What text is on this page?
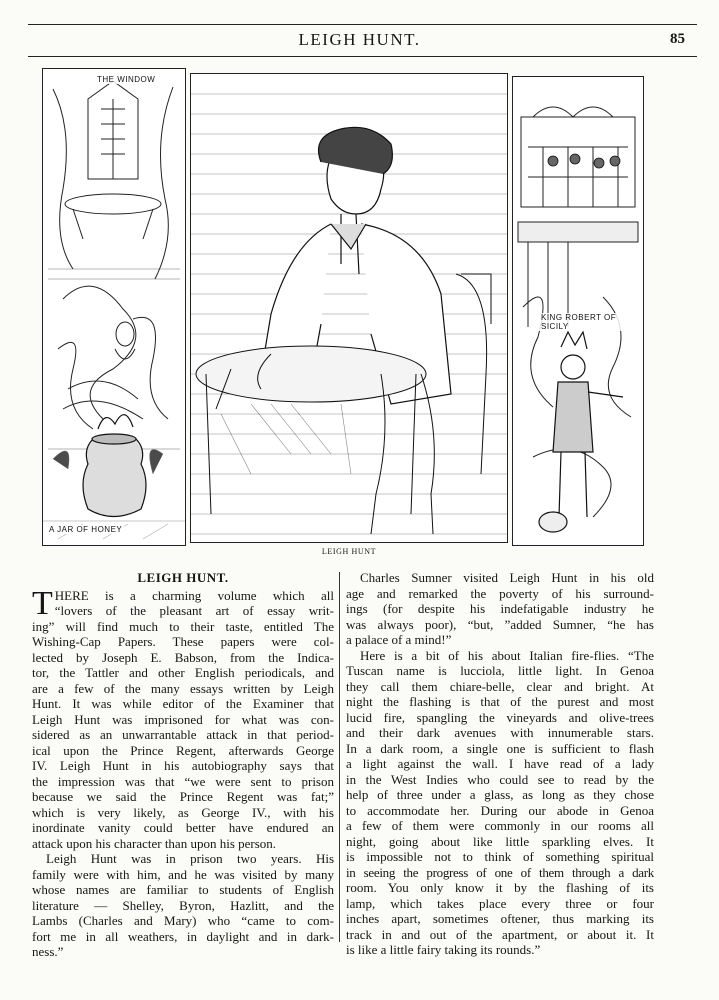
LEIGH HUNT.	85
THE WINDOW
A JAR OF HONEY
KING ROBERT OF SICILY
LEIGH HUNT
LEIGH HUNT.
T HERE is a charming volume which all
“lovers of the pleasant art of essay writ-
ing” will find much to their taste, entitled The
Wishing-Cap Papers. These papers were col-
lected by Joseph E. Babson, from the Indica-
tor, the Tattler and other English periodicals, and
are a few of the many essays written by Leigh
Hunt. It was while editor of the Examiner that
Leigh Hunt was imprisoned for what was con-
sidered as an unwarrantable attack in that period-
ical upon the Prince Regent, afterwards George
IV. Leigh Hunt in his autobiography says that
the impression was that “we were sent to prison
because we said the Prince Regent was fat;”
which is very likely, as George IV., with his
inordinate vanity could better have endured an
attack upon his character than upon his person.
Leigh Hunt was in prison two years. His
family were with him, and he was visited by many
whose names are familiar to students of English
literature — Shelley, Byron, Hazlitt, and the
Lambs (Charles and Mary) who “came to com-
fort me in all weathers, in daylight and in dark-
ness.”
Charles Sumner visited Leigh Hunt in his old
age and remarked the poverty of his surround-
ings (for despite his indefatigable industry he
was always poor), “but, ”added Sumner, “he has
a palace of a mind!”
Here is a bit of his about Italian fire-flies. “The
Tuscan name is lucciola, little light. In Genoa
they call them chiare-belle, clear and bright. At
night the flashing is that of the purest and most
lucid fire, spangling the vineyards and olive-trees
and their dark avenues with innumerable stars.
In a dark room, a single one is sufficient to flash
a light against the wall. I have read of a lady
in the West Indies who could see to read by the
help of three under a glass, as long as they chose
to accommodate her. During our abode in Genoa
a few of them were commonly in our rooms all
night, going about like little sparkling elves. It
is impossible not to think of something spiritual
in seeing the progress of one of them through a dark
room. You only know it by the flashing of its
lamp, which takes place every three or four
inches apart, sometimes oftener, thus marking its
track in and out of the apartment, or about it. It
is like a little fairy taking its rounds.”
